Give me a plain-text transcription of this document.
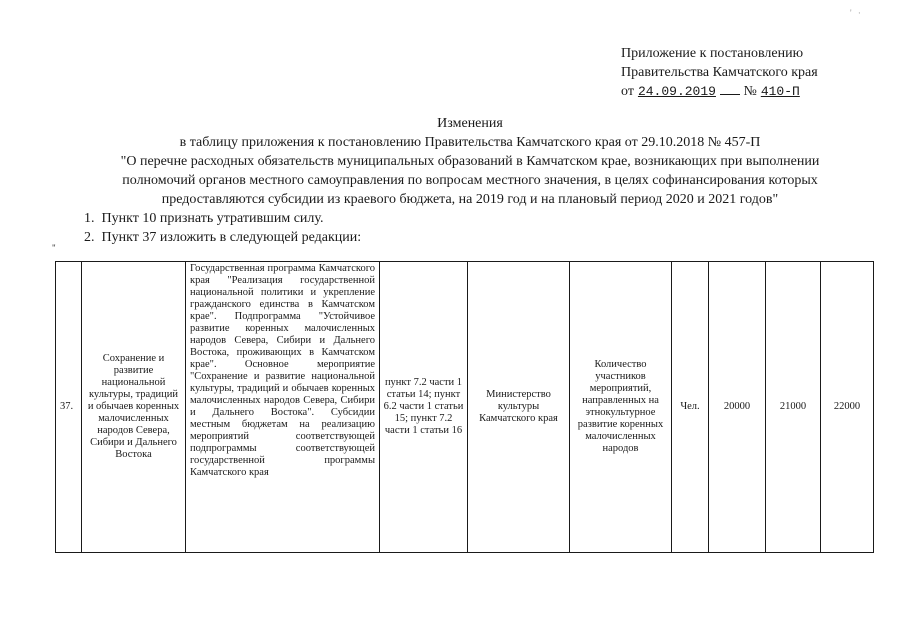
' ·
Приложение к постановлению
Правительства Камчатского края
от 24.09.2019 № 410-П
Изменения
в таблицу приложения к постановлению Правительства Камчатского края от 29.10.2018 № 457-П
"О перечне расходных обязательств муниципальных образований в Камчатском крае, возникающих при выполнении
полномочий органов местного самоуправления по вопросам местного значения, в целях софинансирования которых
предоставляются субсидии из краевого бюджета, на 2019 год и на плановый период 2020 и 2021 годов"
1. Пункт 10 признать утратившим силу.
2. Пункт 37 изложить в следующей редакции:
"
37.	Сохранение и развитие национальной культуры, традиций и обычаев коренных малочисленных народов Севера, Сибири и Дальнего Востока	Государственная программа Камчатского края "Реализация государственной национальной политики и укрепление гражданского единства в Камчатском крае". Подпрограмма "Устойчивое развитие коренных малочисленных народов Севера, Сибири и Дальнего Востока, проживающих в Камчатском крае". Основное мероприятие "Сохранение и развитие национальной культуры, традиций и обычаев коренных малочисленных народов Севера, Сибири и Дальнего Востока". Субсидии местным бюджетам на реализацию мероприятий соответствующей подпрограммы соответствующей государственной программы Камчатского края	пункт 7.2 части 1 статьи 14; пункт 6.2 части 1 статьи 15; пункт 7.2 части 1 статьи 16	Министерство культуры Камчатского края	Количество участников мероприятий, направленных на этнокультурное развитие коренных малочисленных народов	Чел.	20000	21000	22000
